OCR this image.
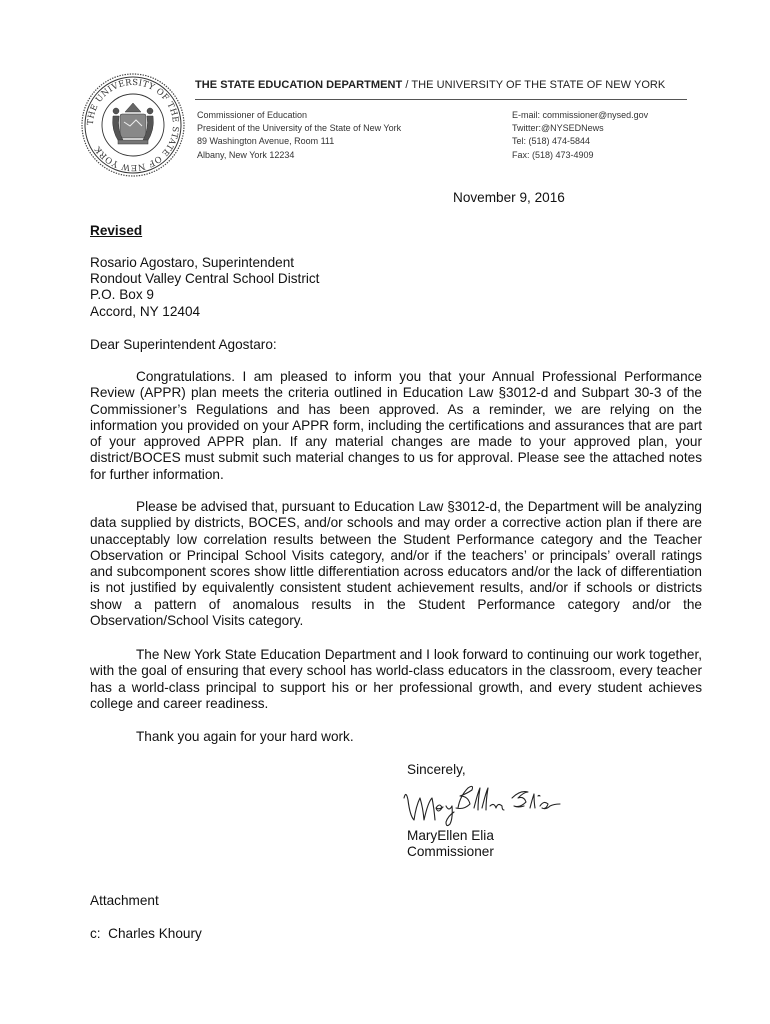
THE UNIVERSITY OF THE STATE OF NEW YORK
THE STATE EDUCATION DEPARTMENT / THE UNIVERSITY OF THE STATE OF NEW YORK
Commissioner of Education
President of the University of the State of New York
89 Washington Avenue, Room 111
Albany, New York 12234
E-mail: commissioner@nysed.gov
Twitter:@NYSEDNews
Tel: (518) 474-5844
Fax: (518) 473-4909
November 9, 2016
Revised
Rosario Agostaro, Superintendent
Rondout Valley Central School District
P.O. Box 9
Accord, NY 12404
Dear Superintendent Agostaro:

Congratulations. I am pleased to inform you that your Annual Professional Performance Review (APPR) plan meets the criteria outlined in Education Law §3012-d and Subpart 30-3 of the Commissioner’s Regulations and has been approved. As a reminder, we are relying on the information you provided on your APPR form, including the certifications and assurances that are part of your approved APPR plan. If any material changes are made to your approved plan, your district/BOCES must submit such material changes to us for approval. Please see the attached notes for further information.

Please be advised that, pursuant to Education Law §3012-d, the Department will be analyzing data supplied by districts, BOCES, and/or schools and may order a corrective action plan if there are unacceptably low correlation results between the Student Performance category and the Teacher Observation or Principal School Visits category, and/or if the teachers’ or principals’ overall ratings and subcomponent scores show little differentiation across educators and/or the lack of differentiation is not justified by equivalently consistent student achievement results, and/or if schools or districts show a pattern of anomalous results in the Student Performance category and/or the Observation/School Visits category.

The New York State Education Department and I look forward to continuing our work together, with the goal of ensuring that every school has world-class educators in the classroom, every teacher has a world-class principal to support his or her professional growth, and every student achieves college and career readiness.

Thank you again for your hard work.

Sincerely,
MaryEllen Elia
Commissioner
Attachment
c:  Charles Khoury
